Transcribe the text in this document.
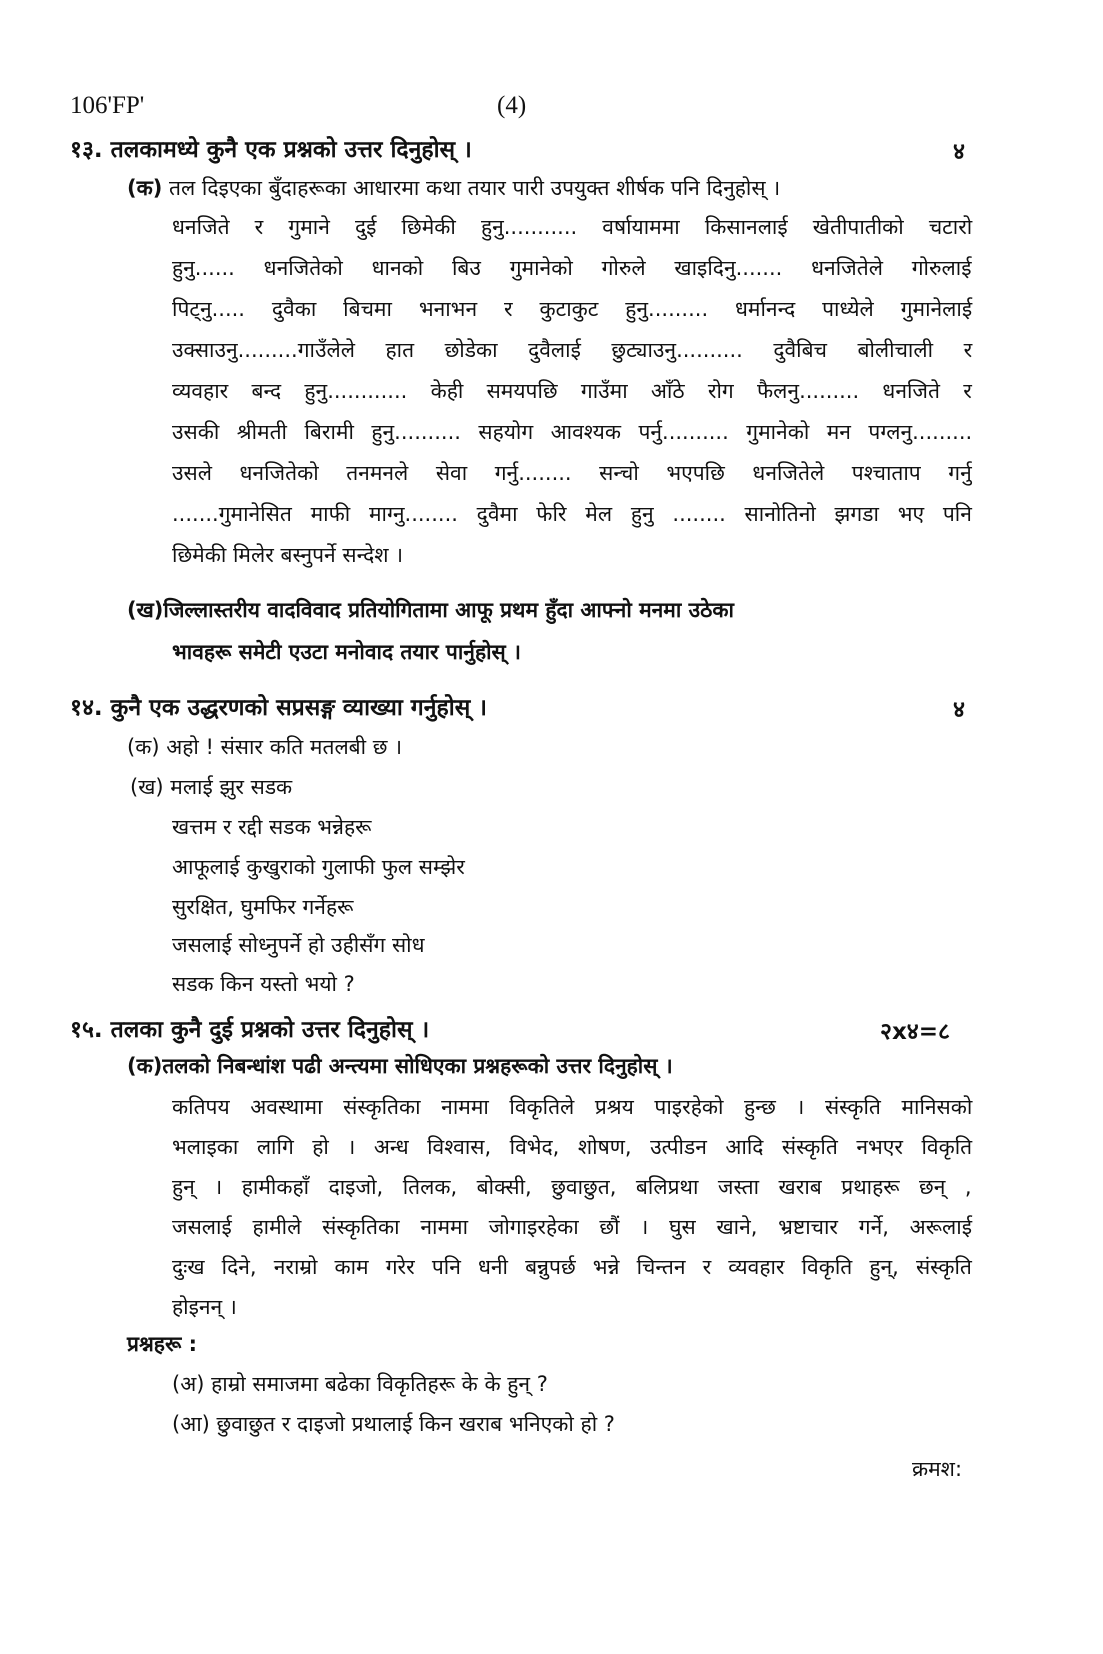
106'FP'	(4)
१३. तलकामध्ये कुनै एक प्रश्नको उत्तर दिनुहोस् ।	४
(क) तल दिइएका बुँदाहरूका आधारमा कथा तयार पारी उपयुक्त शीर्षक पनि दिनुहोस् ।
धनजिते र गुमाने दुई छिमेकी हुनु........... वर्षायाममा किसानलाई खेतीपातीको चटारो
हुनु...... धनजितेको धानको बिउ गुमानेको गोरुले खाइदिनु....... धनजितेले गोरुलाई
पिट्नु..... दुवैका बिचमा भनाभन र कुटाकुट हुनु......... धर्मानन्द पाध्येले गुमानेलाई
उक्साउनु.........गाउँलेले हात छोडेका दुवैलाई छुट्याउनु.......... दुवैबिच बोलीचाली र
व्यवहार बन्द हुनु............ केही समयपछि गाउँमा आँठे रोग फैलनु......... धनजिते र
उसकी श्रीमती बिरामी हुनु.......... सहयोग आवश्यक पर्नु.......... गुमानेको मन पग्लनु.........
उसले धनजितेको तनमनले सेवा गर्नु........ सन्चो भएपछि धनजितेले पश्चाताप गर्नु
.......गुमानेसित माफी माग्नु........ दुवैमा फेरि मेल हुनु ........ सानोतिनो झगडा भए पनि
छिमेकी मिलेर बस्नुपर्ने सन्देश ।
(ख)जिल्लास्तरीय वादविवाद प्रतियोगितामा आफू प्रथम हुँदा आफ्नो मनमा उठेका
भावहरू समेटी एउटा मनोवाद तयार पार्नुहोस् ।
१४. कुनै एक उद्धरणको सप्रसङ्ग व्याख्या गर्नुहोस् ।	४
(क) अहो ! संसार कति मतलबी छ ।
(ख) मलाई झुर सडक
खत्तम र रद्दी सडक भन्नेहरू
आफूलाई कुखुराको गुलाफी फुल सम्झेर
सुरक्षित, घुमफिर गर्नेहरू
जसलाई सोध्नुपर्ने हो उहीसँग सोध
सडक किन यस्तो भयो ?
१५. तलका कुनै दुई प्रश्नको उत्तर दिनुहोस् ।	२x४=८
(क)तलको निबन्धांश पढी अन्त्यमा सोधिएका प्रश्नहरूको उत्तर दिनुहोस् ।
कतिपय अवस्थामा संस्कृतिका नाममा विकृतिले प्रश्रय पाइरहेको हुन्छ । संस्कृति मानिसको
भलाइका लागि हो । अन्ध विश्वास, विभेद, शोषण, उत्पीडन आदि संस्कृति नभएर विकृति
हुन् । हामीकहाँ दाइजो, तिलक, बोक्सी, छुवाछुत, बलिप्रथा जस्ता खराब प्रथाहरू छन् ,
जसलाई हामीले संस्कृतिका नाममा जोगाइरहेका छौं । घुस खाने, भ्रष्टाचार गर्ने, अरूलाई
दुःख दिने, नराम्रो काम गरेर पनि धनी बन्नुपर्छ भन्ने चिन्तन र व्यवहार विकृति हुन्, संस्कृति
होइनन् ।
प्रश्नहरू :
(अ) हाम्रो समाजमा बढेका विकृतिहरू के के हुन् ?
(आ) छुवाछुत र दाइजो प्रथालाई किन खराब भनिएको हो ?
क्रमश:
